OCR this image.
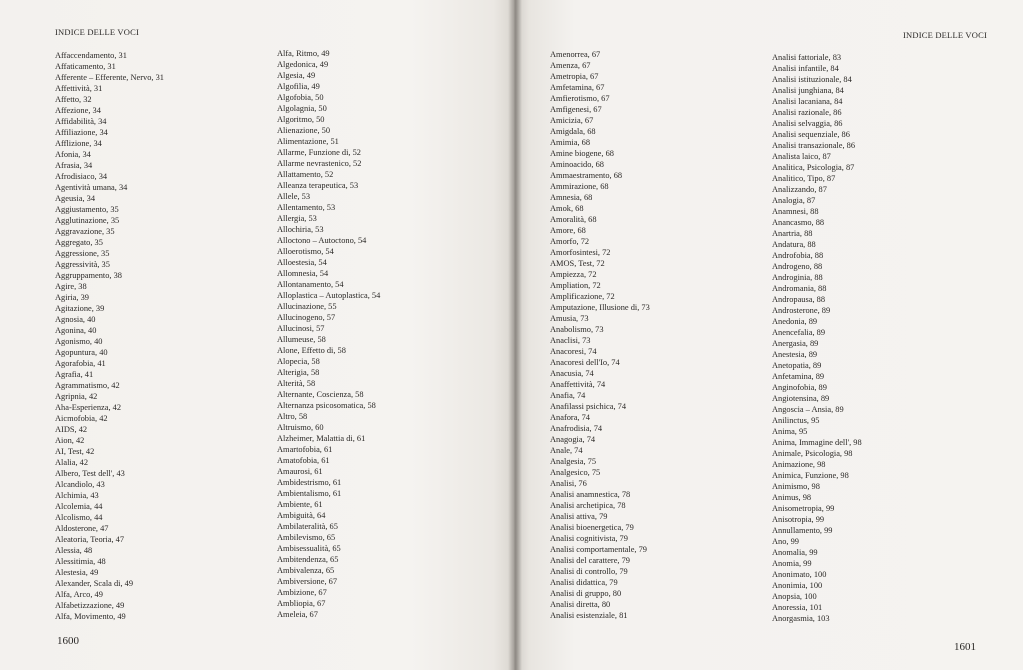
INDICE DELLE VOCI
Affaccendamento, 31
Affaticamento, 31
Afferente – Efferente, Nervo, 31
Affettività, 31
Affetto, 32
Affezione, 34
Affidabilità, 34
Affiliazione, 34
Afflizione, 34
Afonia, 34
Afrasia, 34
Afrodisiaco, 34
Agentività umana, 34
Ageusia, 34
Aggiustamento, 35
Agglutinazione, 35
Aggravazione, 35
Aggregato, 35
Aggressione, 35
Aggressività, 35
Aggruppamento, 38
Agire, 38
Agiria, 39
Agitazione, 39
Agnosia, 40
Agonina, 40
Agonismo, 40
Agopuntura, 40
Agorafobia, 41
Agrafia, 41
Agrammatismo, 42
Agripnia, 42
Aha-Esperienza, 42
Aicmofobia, 42
AIDS, 42
Aion, 42
AI, Test, 42
Alalia, 42
Albero, Test dell', 43
Alcandiolo, 43
Alchimia, 43
Alcolemia, 44
Alcolismo, 44
Aldosterone, 47
Aleatoria, Teoria, 47
Alessia, 48
Alessitimia, 48
Alestesia, 49
Alexander, Scala di, 49
Alfa, Arco, 49
Alfabetizzazione, 49
Alfa, Movimento, 49
Alfa, Ritmo, 49
Algedonica, 49
Algesia, 49
Algofilia, 49
Algofobia, 50
Algolagnia, 50
Algoritmo, 50
Alienazione, 50
Alimentazione, 51
Allarme, Funzione di, 52
Allarme nevrastenico, 52
Allattamento, 52
Alleanza terapeutica, 53
Allele, 53
Allentamento, 53
Allergia, 53
Allochiria, 53
Alloctono – Autoctono, 54
Alloerotismo, 54
Alloestesia, 54
Allomnesia, 54
Allontanamento, 54
Alloplastica – Autoplastica, 54
Allucinazione, 55
Allucinogeno, 57
Allucinosi, 57
Allumeuse, 58
Alone, Effetto di, 58
Alopecia, 58
Alterigia, 58
Alterità, 58
Alternante, Coscienza, 58
Alternanza psicosomatica, 58
Altro, 58
Altruismo, 60
Alzheimer, Malattia di, 61
Amartofobia, 61
Amatofobia, 61
Amaurosi, 61
Ambidestrismo, 61
Ambientalismo, 61
Ambiente, 61
Ambiguità, 64
Ambilateralità, 65
Ambilevismo, 65
Ambisessualità, 65
Ambitendenza, 65
Ambivalenza, 65
Ambiversione, 67
Ambizione, 67
Ambliopia, 67
Ameleia, 67
1600
INDICE DELLE VOCI
Amenorrea, 67
Amenza, 67
Ametropia, 67
Amfetamina, 67
Amfierotismo, 67
Amfigenesi, 67
Amicizia, 67
Amigdala, 68
Amimia, 68
Amine biogene, 68
Aminoacido, 68
Ammaestramento, 68
Ammirazione, 68
Amnesia, 68
Amok, 68
Amoralità, 68
Amore, 68
Amorfo, 72
Amorfosintesi, 72
AMOS, Test, 72
Ampiezza, 72
Ampliation, 72
Amplificazione, 72
Amputazione, Illusione di, 73
Amusia, 73
Anabolismo, 73
Anaclisi, 73
Anacoresi, 74
Anacoresi dell'Io, 74
Anacusia, 74
Anaffettività, 74
Anafia, 74
Anafilassi psichica, 74
Anafora, 74
Anafrodisia, 74
Anagogia, 74
Anale, 74
Analgesia, 75
Analgesico, 75
Analisi, 76
Analisi anamnestica, 78
Analisi archetipica, 78
Analisi attiva, 79
Analisi bioenergetica, 79
Analisi cognitivista, 79
Analisi comportamentale, 79
Analisi del carattere, 79
Analisi di controllo, 79
Analisi didattica, 79
Analisi di gruppo, 80
Analisi diretta, 80
Analisi esistenziale, 81
Analisi fattoriale, 83
Analisi infantile, 84
Analisi istituzionale, 84
Analisi junghiana, 84
Analisi lacaniana, 84
Analisi razionale, 86
Analisi selvaggia, 86
Analisi sequenziale, 86
Analisi transazionale, 86
Analista laico, 87
Analitica, Psicologia, 87
Analitico, Tipo, 87
Analizzando, 87
Analogia, 87
Anamnesi, 88
Anancasmo, 88
Anartria, 88
Andatura, 88
Androfobia, 88
Androgeno, 88
Androginia, 88
Andromania, 88
Andropausa, 88
Androsterone, 89
Anedonia, 89
Anencefalia, 89
Anergasia, 89
Anestesia, 89
Anetopatia, 89
Anfetamina, 89
Anginofobia, 89
Angiotensina, 89
Angoscia – Ansia, 89
Anilinctus, 95
Anima, 95
Anima, Immagine dell', 98
Animale, Psicologia, 98
Animazione, 98
Animica, Funzione, 98
Animismo, 98
Animus, 98
Anisometropia, 99
Anisotropia, 99
Annullamento, 99
Ano, 99
Anomalia, 99
Anomia, 99
Anonimato, 100
Anonimia, 100
Anopsia, 100
Anoressia, 101
Anorgasmia, 103
1601
